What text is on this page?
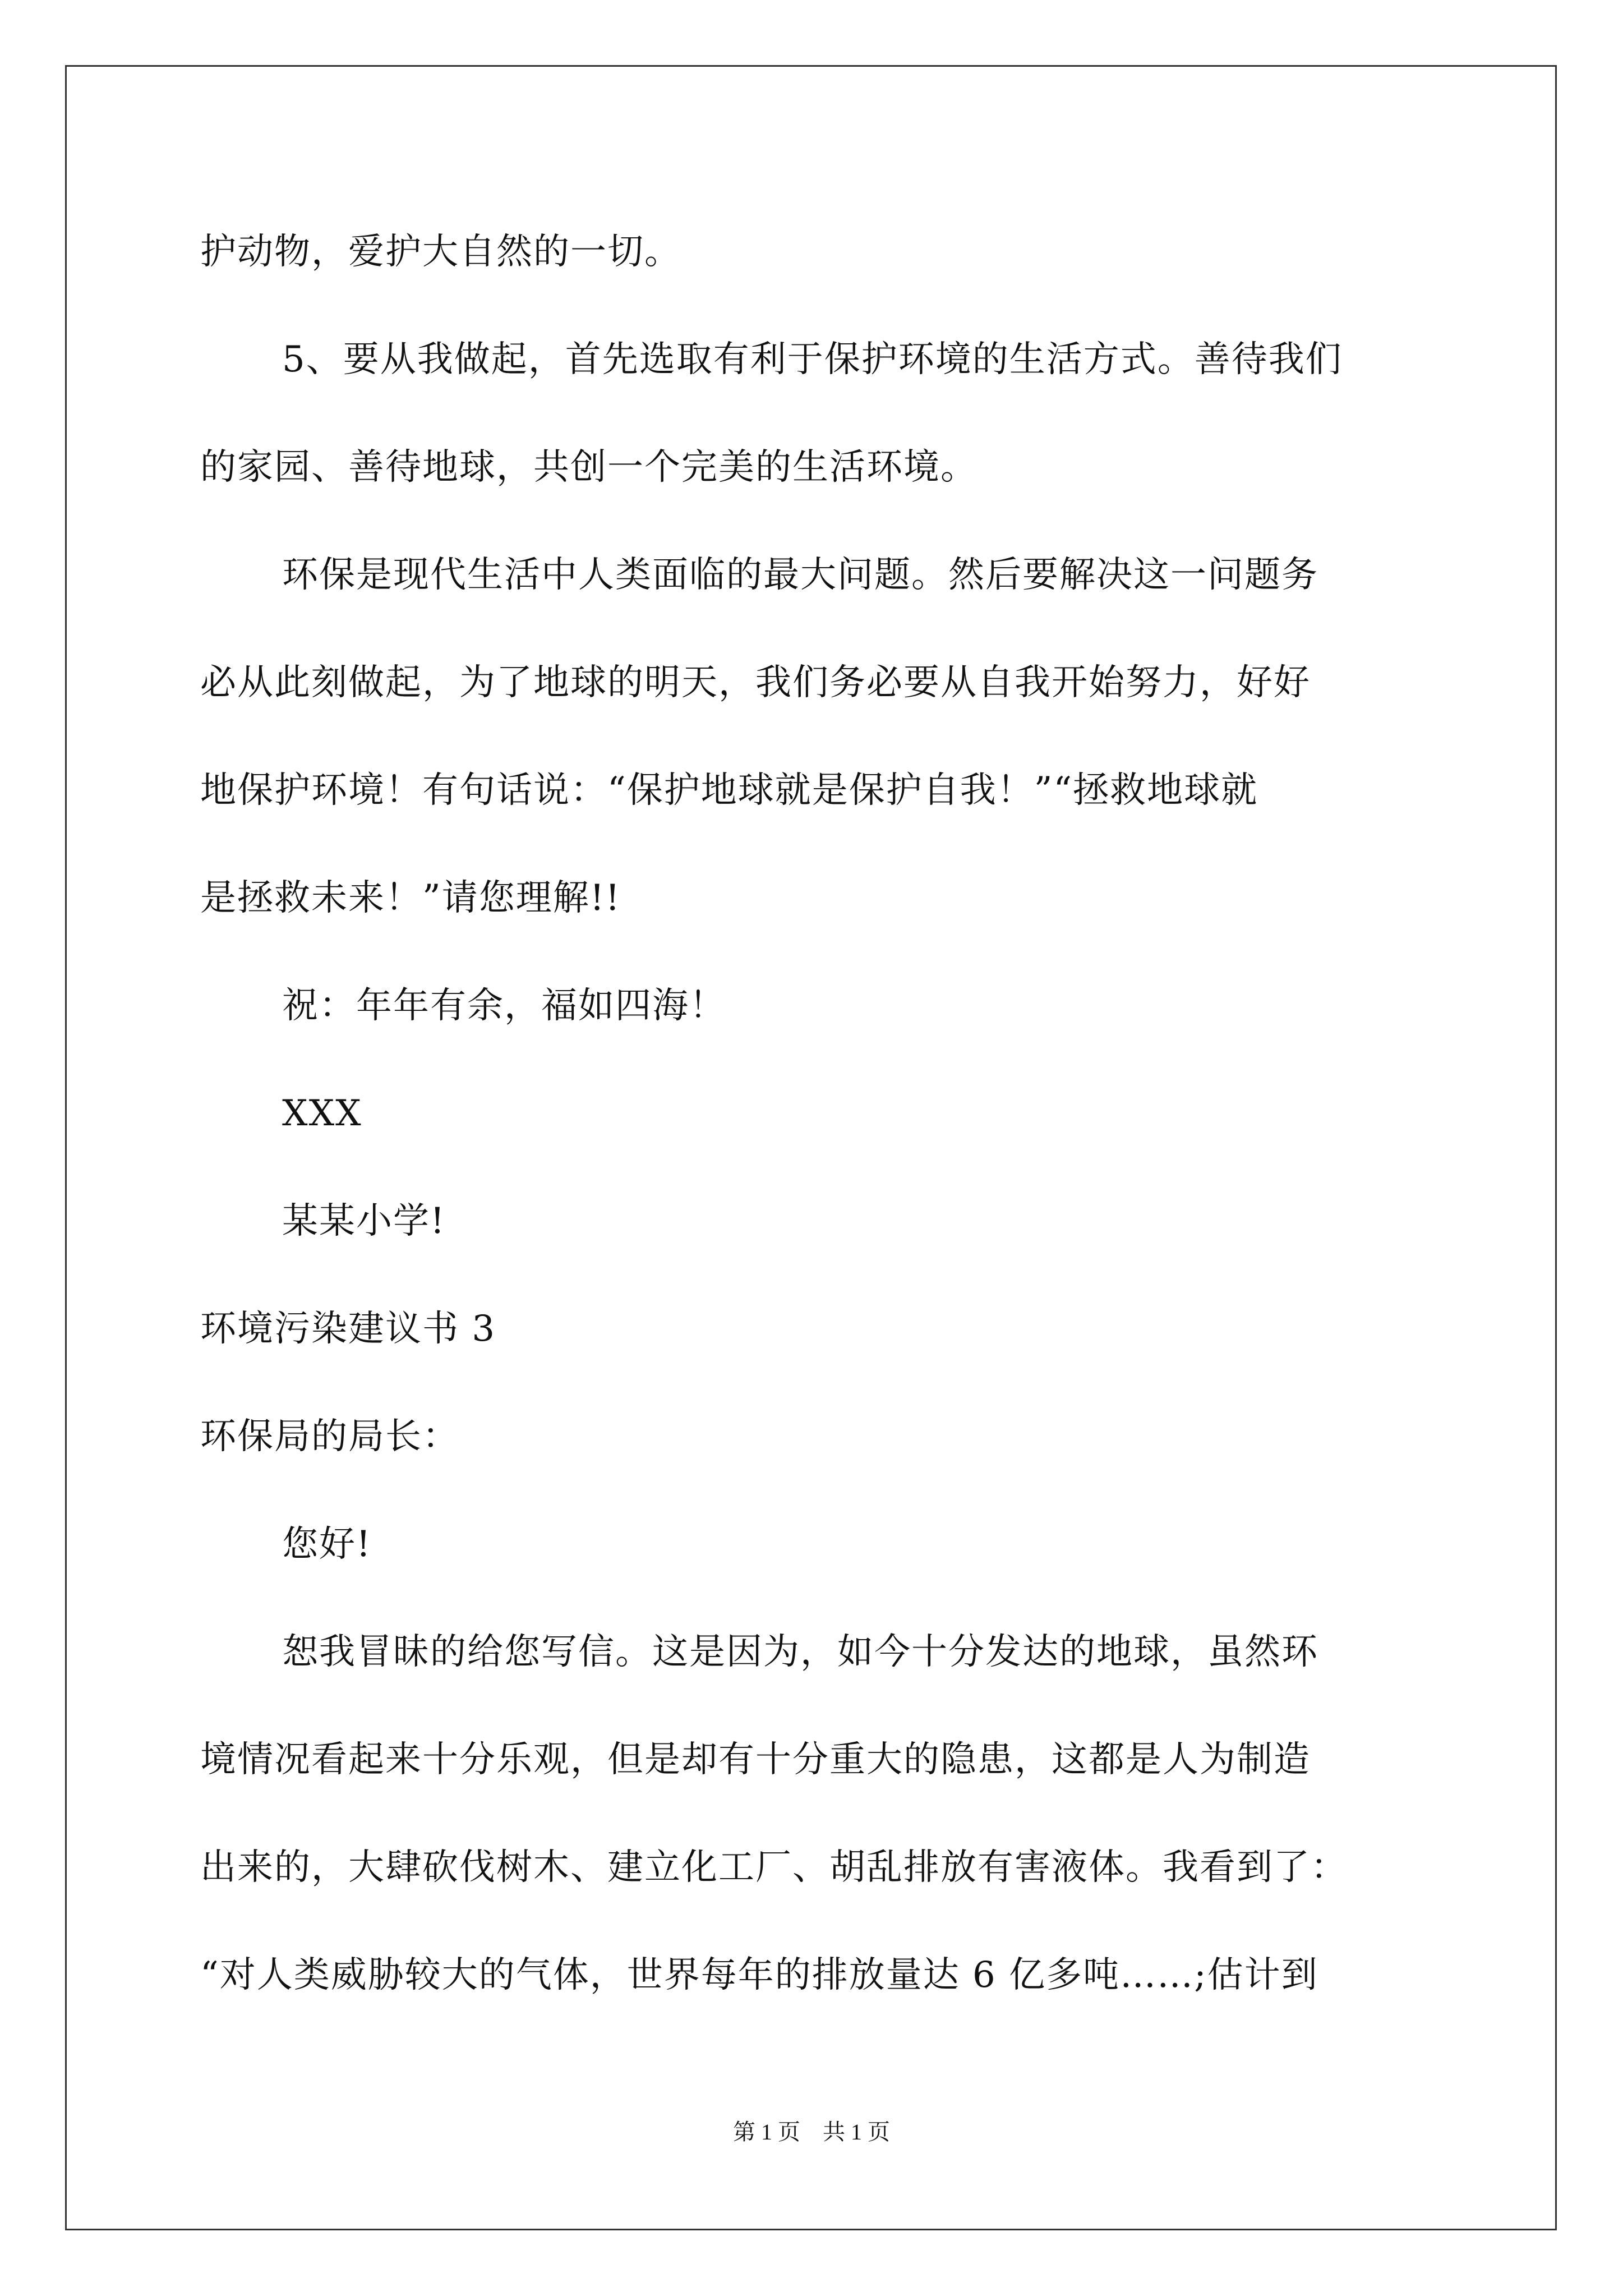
护动物，爱护大自然的一切。
5、要从我做起，首先选取有利于保护环境的生活方式。善待我们
的家园、善待地球，共创一个完美的生活环境。
环保是现代生活中人类面临的最大问题。然后要解决这一问题务
必从此刻做起，为了地球的明天，我们务必要从自我开始努力，好好
地保护环境！有句话说：“保护地球就是保护自我！”“拯救地球就
是拯救未来！”请您理解!!
祝：年年有余，福如四海！
XXX
某某小学!
环境污染建议书 3
环保局的局长：
您好!
恕我冒昧的给您写信。这是因为，如今十分发达的地球，虽然环
境情况看起来十分乐观，但是却有十分重大的隐患，这都是人为制造
出来的，大肆砍伐树木、建立化工厂、胡乱排放有害液体。我看到了：
“对人类威胁较大的气体，世界每年的排放量达 6 亿多吨……;估计到
第 1 页　共 1 页
